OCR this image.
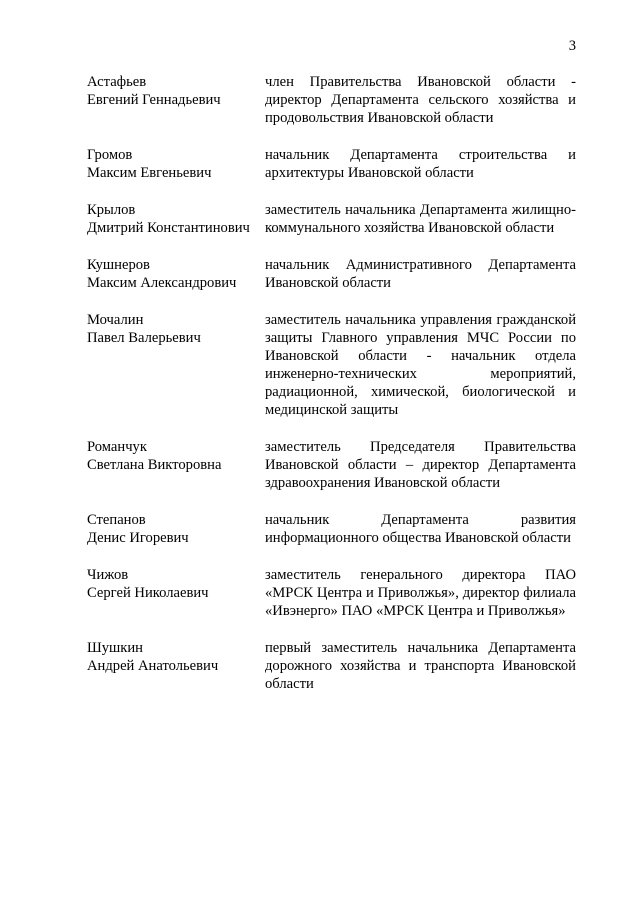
3
Астафьев
Евгений Геннадьевич
член Правительства Ивановской области - директор Департамента сельского хозяйства и продовольствия Ивановской области
Громов
Максим Евгеньевич
начальник Департамента строительства и архитектуры Ивановской области
Крылов
Дмитрий Константинович
заместитель начальника Департамента жилищно-коммунального хозяйства Ивановской области
Кушнеров
Максим Александрович
начальник Административного Департамента Ивановской области
Мочалин
Павел Валерьевич
заместитель начальника управления гражданской защиты Главного управления МЧС России по Ивановской области - начальник отдела инженерно-технических мероприятий, радиационной, химической, биологической и медицинской защиты
Романчук
Светлана Викторовна
заместитель Председателя Правительства Ивановской области – директор Департамента здравоохранения Ивановской области
Степанов
Денис Игоревич
начальник Департамента развития информационного общества Ивановской области
Чижов
Сергей Николаевич
заместитель генерального директора ПАО «МРСК Центра и Приволжья», директор филиала «Ивэнерго» ПАО «МРСК Центра и Приволжья»
Шушкин
Андрей Анатольевич
первый заместитель начальника Департамента дорожного хозяйства и транспорта Ивановской области
